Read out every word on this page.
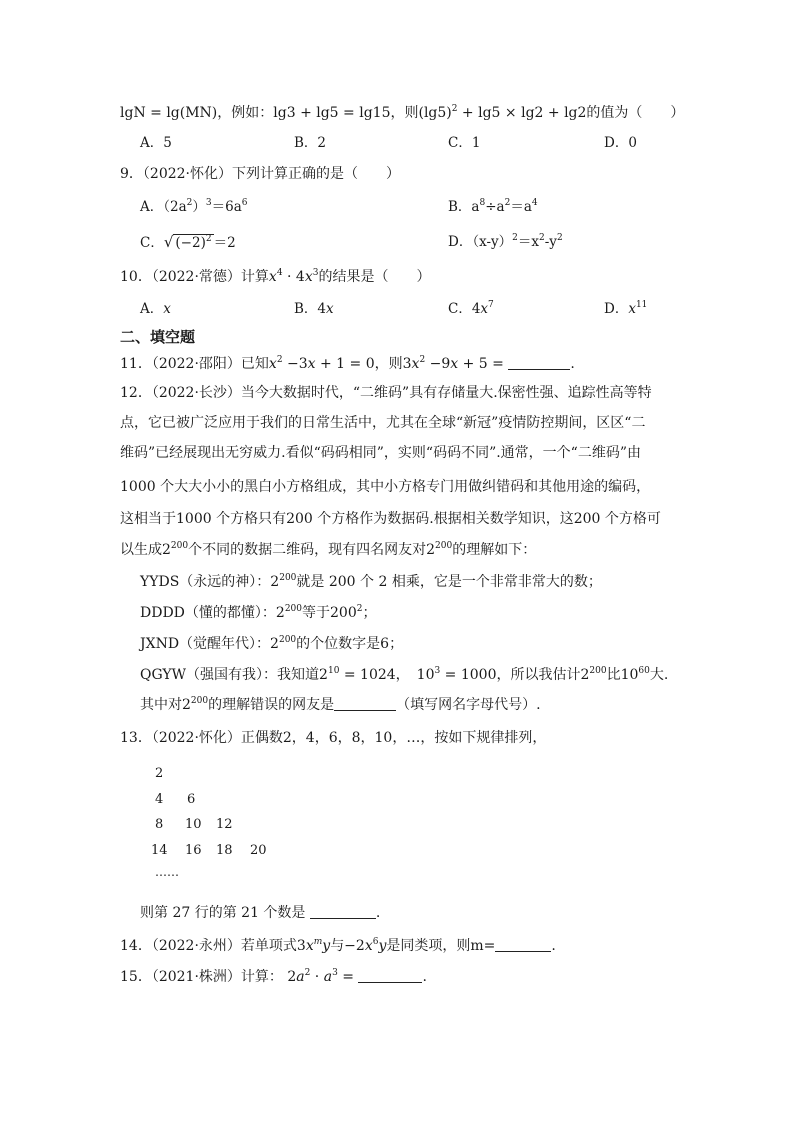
lgN = lg(MN)，例如：lg3 + lg5 = lg15，则$(\lg 5)^2 + \lg 5 \times \lg 2 + \lg 2$的值为（　　）
A．5	B．2	C．1	D．0
9．（2022·怀化）下列计算正确的是（　　）
A．$(2a^2)^3=6a^6$	B．$a^8\div a^2=a^4$
C．√ $(-2)^2 =2$	D．$(x-y)^2=x^2-y^2$
10．（2022·常德）计算$x^4 \cdot 4x^3$的结果是（　　）
A．x	B．4x	C．$4x^7$	D．$x^{11}$
二、填空题
11．（2022·邵阳）已知$x^2 -3x + 1 = 0$，则$3x^2 -9x + 5$ =	.
12．（2022·长沙）当今大数据时代，“二维码”具有存储量大.保密性强、追踪性高等特
点，它已被广泛应用于我们的日常生活中，尤其在全球“新冠”疫情防控期间，区区“二
维码”已经展现出无穷威力.看似“码码相同”，实则“码码不同”.通常，一个“二维码”由
1000 个大大小小的黑白小方格组成，其中小方格专门用做纠错码和其他用途的编码，
这相当于1000 个方格只有200 个方格作为数据码.根据相关数学知识，这200 个方格可
以生成$2^{200}$个不同的数据二维码，现有四名网友对$2^{200}$的理解如下：
YYDS（永远的神）：$2^{200}$就是 200 个 2 相乘，它是一个非常非常大的数；
DDDD（懂的都懂）：$2^{200}$等于$200^2$；
JXND（觉醒年代）：$2^{200}$的个位数字是6；
QGYW（强国有我）：我知道$2^{10} = 1024$，　$10^3 = 1000$，所以我估计$2^{200}$比$10^{60}$大.
其中对$2^{200}$的理解错误的网友是	（填写网名字母代号）.
13．（2022·怀化）正偶数2，4，6，8，10，…，按如下规律排列，
2
4 6
8 10 12
14 16 18 20
……
则第 27 行的第 21 个数是	.
14．（2022·永州）若单项式$3x^my$与$-2x^6y$是同类项，则m=	.
15．（2021·株洲）计算： $2a^2 \cdot a^3$ =	.
